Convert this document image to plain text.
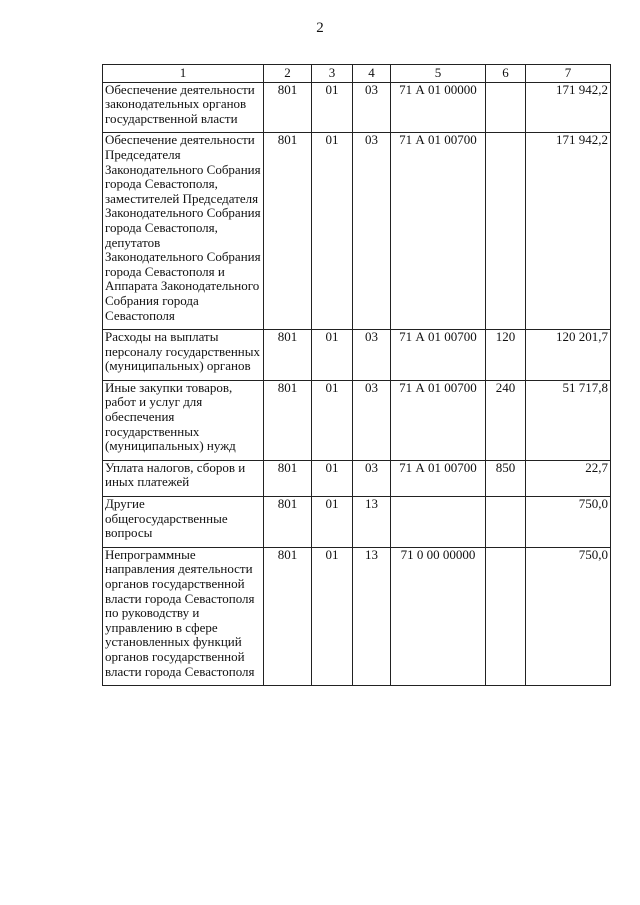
2
1	2	3	4	5	6	7
Обеспечение деятельности законодательных органов государственной власти	801	01	03	71 А 01 00000		171 942,2
Обеспечение деятельности Председателя Законодательного Собрания города Севастополя, заместителей Председателя Законодательного Собрания города Севастополя, депутатов Законодательного Собрания города Севастополя и Аппарата Законодательного Собрания города Севастополя	801	01	03	71 А 01 00700		171 942,2
Расходы на выплаты персоналу государственных (муниципальных) органов	801	01	03	71 А 01 00700	120	120 201,7
Иные закупки товаров, работ и услуг для обеспечения государственных (муниципальных) нужд	801	01	03	71 А 01 00700	240	51 717,8
Уплата налогов, сборов и иных платежей	801	01	03	71 А 01 00700	850	22,7
Другие общегосударственные вопросы	801	01	13			750,0
Непрограммные направления деятельности органов государственной власти города Севастополя по руководству и управлению в сфере установленных функций органов государственной власти города Севастополя	801	01	13	71 0 00 00000		750,0
